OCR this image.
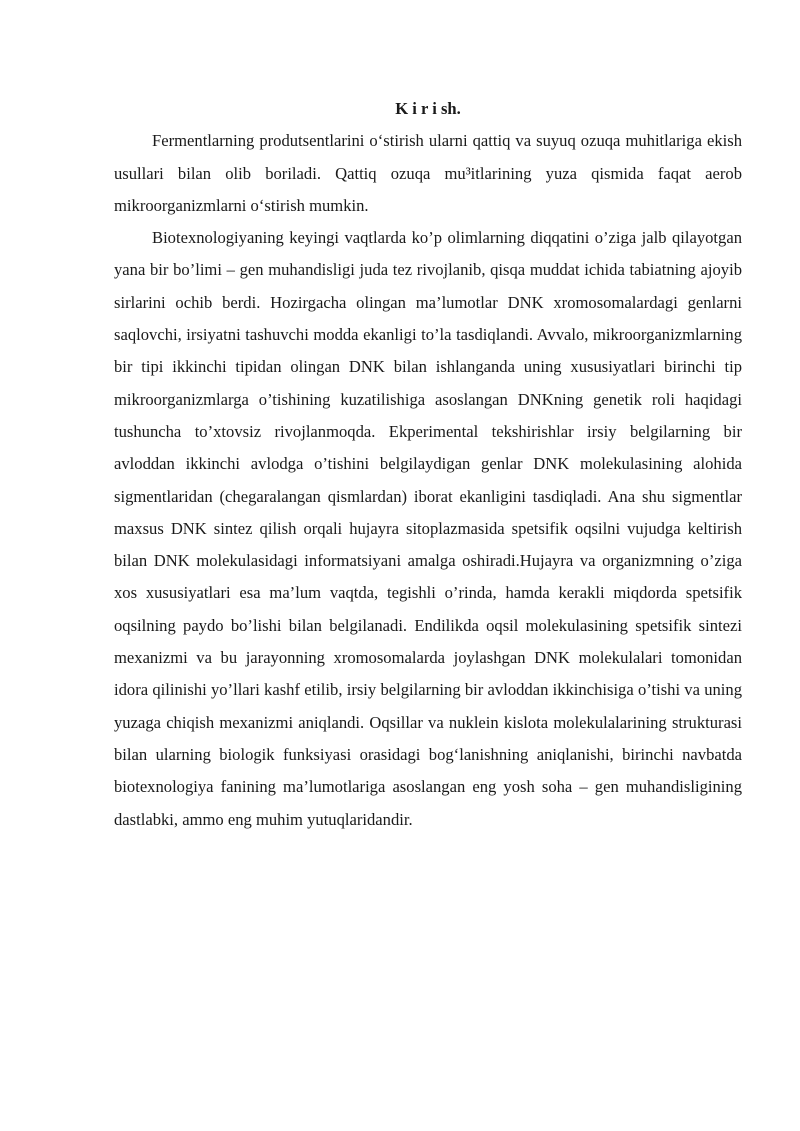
K i r i sh.

Fermentlarning produtsentlarini o‘stirish ularni qattiq va suyuq ozuqa muhitlariga ekish usullari bilan olib boriladi. Qattiq ozuqa mu³itlarining yuza qismida faqat aerob mikroorganizmlarni o‘stirish mumkin.

Biotexnologiyaning keyingi vaqtlarda ko’p olimlarning diqqatini o’ziga jalb qilayotgan yana bir bo’limi – gen muhandisligi juda tez rivojlanib, qisqa muddat ichida tabiatning ajoyib sirlarini ochib berdi. Hozirgacha olingan ma’lumotlar DNK xromosomalardagi genlarni saqlovchi, irsiyatni tashuvchi modda ekanligi to’la tasdiqlandi. Avvalo, mikroorganizmlarning bir tipi ikkinchi tipidan olingan DNK bilan ishlanganda uning xususiyatlari birinchi tip mikroorganizmlarga o’tishining kuzatilishiga asoslangan DNKning genetik roli haqidagi tushuncha to’xtovsiz rivojlanmoqda. Ekperimental tekshirishlar irsiy belgilarning bir avloddan ikkinchi avlodga o’tishini belgilaydigan genlar DNK molekulasining alohida sigmentlaridan (chegaralangan qismlardan) iborat ekanligini tasdiqladi. Ana shu sigmentlar maxsus DNK sintez qilish orqali hujayra sitoplazmasida spetsifik oqsilni vujudga keltirish bilan DNK molekulasidagi informatsiyani amalga oshiradi.Hujayra va organizmning o’ziga xos xususiyatlari esa ma’lum vaqtda, tegishli o’rinda, hamda kerakli miqdorda spetsifik oqsilning paydo bo’lishi bilan belgilanadi. Endilikda oqsil molekulasining spetsifik sintezi mexanizmi va bu jarayonning xromosomalarda joylashgan DNK molekulalari tomonidan idora qilinishi yo’llari kashf etilib, irsiy belgilarning bir avloddan ikkinchisiga o’tishi va uning yuzaga chiqish mexanizmi aniqlandi. Oqsillar va nuklein kislota molekulalarining strukturasi bilan ularning biologik funksiyasi orasidagi bog‘lanishning aniqlanishi, birinchi navbatda biotexnologiya fanining ma’lumotlariga asoslangan eng yosh soha – gen muhandisligining dastlabki, ammo eng muhim yutuqlaridandir.
